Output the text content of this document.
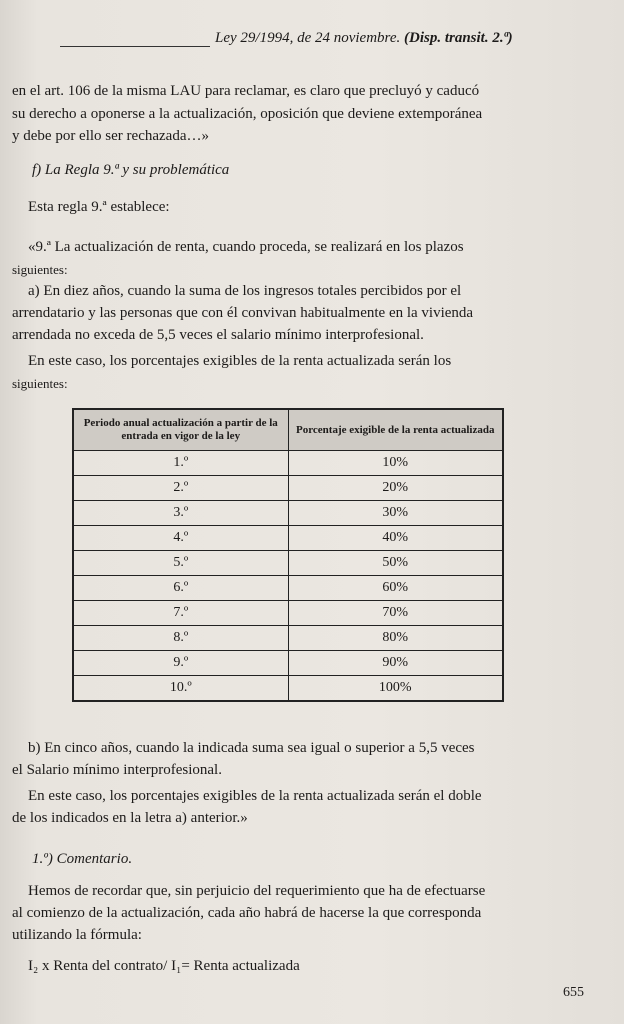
Ley 29/1994, de 24 noviembre. (Disp. transit. 2.ª)
en el art. 106 de la misma LAU para reclamar, es claro que precluyó y caducó
su derecho a oponerse a la actualización, oposición que deviene extemporánea
y debe por ello ser rechazada…»
f) La Regla 9.ª y su problemática
Esta regla 9.ª establece:
«9.ª La actualización de renta, cuando proceda, se realizará en los plazos
siguientes:
a) En diez años, cuando la suma de los ingresos totales percibidos por el
arrendatario y las personas que con él convivan habitualmente en la vivienda
arrendada no exceda de 5,5 veces el salario mínimo interprofesional.
En este caso, los porcentajes exigibles de la renta actualizada serán los
siguientes:
Periodo anual actualización a partir de la entrada en vigor de la ley	Porcentaje exigible de la renta actualizada
1.º	10%
2.º	20%
3.º	30%
4.º	40%
5.º	50%
6.º	60%
7.º	70%
8.º	80%
9.º	90%
10.º	100%
b) En cinco años, cuando la indicada suma sea igual o superior a 5,5 veces
el Salario mínimo interprofesional.
En este caso, los porcentajes exigibles de la renta actualizada serán el doble
de los indicados en la letra a) anterior.»
1.º) Comentario.
Hemos de recordar que, sin perjuicio del requerimiento que ha de efectuarse
al comienzo de la actualización, cada año habrá de hacerse la que corresponda
utilizando la fórmula:
I₂ x Renta del contrato/ I₁= Renta actualizada
655
